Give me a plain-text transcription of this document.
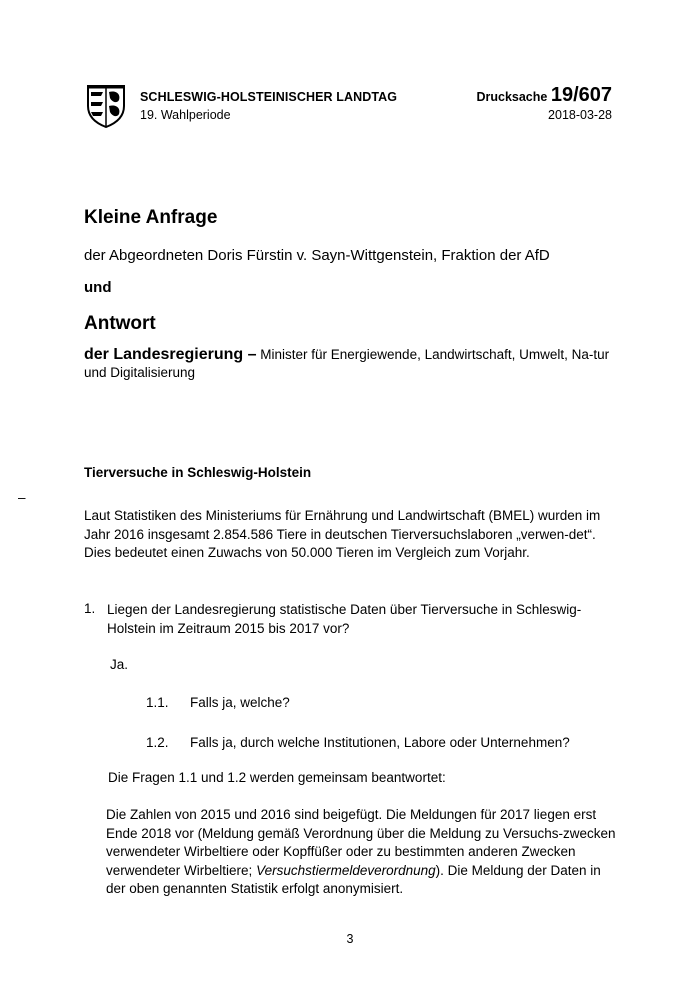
SCHLESWIG-HOLSTEINISCHER LANDTAG
19. Wahlperiode
Drucksache 19/607
2018-03-28
Kleine Anfrage
der Abgeordneten Doris Fürstin v. Sayn-Wittgenstein, Fraktion der AfD
und
Antwort
der Landesregierung – Minister für Energiewende, Landwirtschaft, Umwelt, Na-tur und Digitalisierung
Tierversuche in Schleswig-Holstein
–
Laut Statistiken des Ministeriums für Ernährung und Landwirtschaft (BMEL) wurden im Jahr 2016 insgesamt 2.854.586 Tiere in deutschen Tierversuchslaboren „verwen-det“. Dies bedeutet einen Zuwachs von 50.000 Tieren im Vergleich zum Vorjahr.
1. Liegen der Landesregierung statistische Daten über Tierversuche in Schleswig-Holstein im Zeitraum 2015 bis 2017 vor?
Ja.
1.1. Falls ja, welche?
1.2. Falls ja, durch welche Institutionen, Labore oder Unternehmen?
Die Fragen 1.1 und 1.2 werden gemeinsam beantwortet:
Die Zahlen von 2015 und 2016 sind beigefügt. Die Meldungen für 2017 liegen erst Ende 2018 vor (Meldung gemäß Verordnung über die Meldung zu Versuchs-zwecken verwendeter Wirbeltiere oder Kopffüßer oder zu bestimmten anderen Zwecken verwendeter Wirbeltiere; Versuchstiermeldeverordnung). Die Meldung der Daten in der oben genannten Statistik erfolgt anonymisiert.
3
